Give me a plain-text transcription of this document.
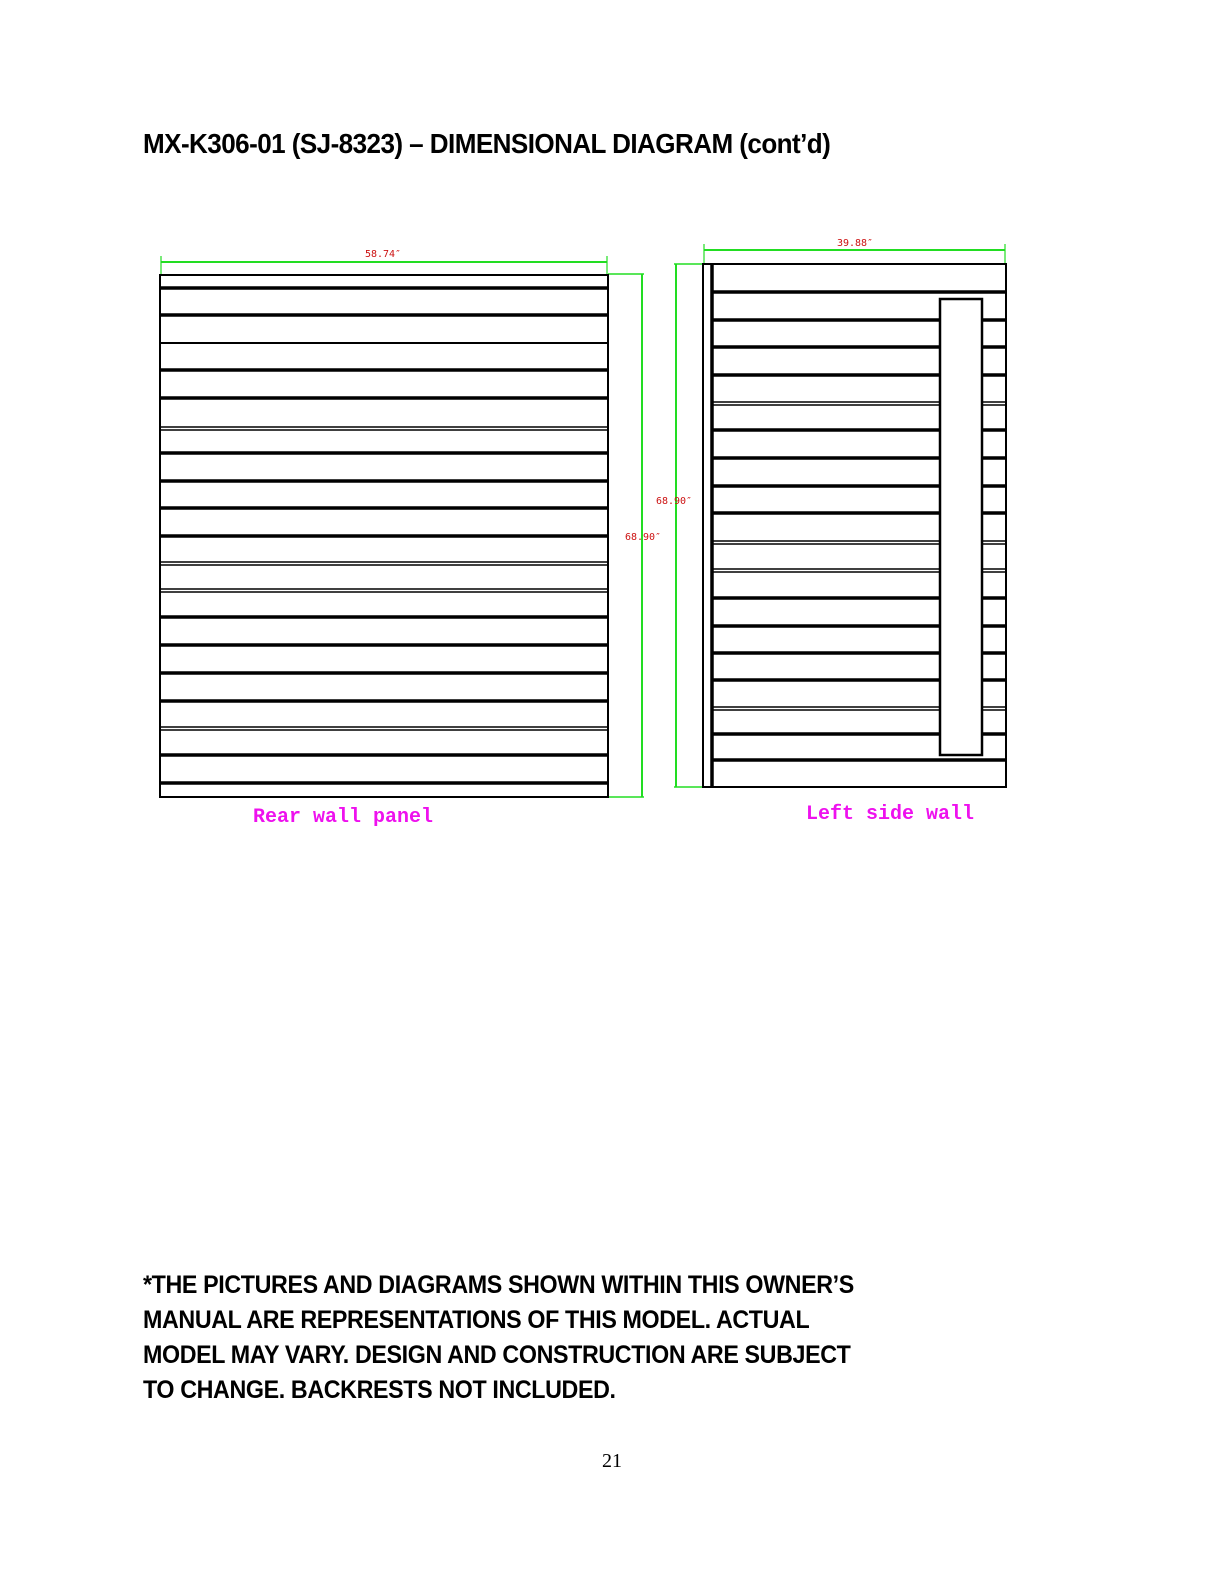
MX-K306-01 (SJ-8323) – DIMENSIONAL DIAGRAM (cont’d)
58.74″
68.90″
Rear wall panel
39.88″
68.90″
Left side wall
*THE PICTURES AND DIAGRAMS SHOWN WITHIN THIS OWNER’S
MANUAL ARE REPRESENTATIONS OF THIS MODEL. ACTUAL
MODEL MAY VARY. DESIGN AND CONSTRUCTION ARE SUBJECT
TO CHANGE. BACKRESTS NOT INCLUDED.
21
